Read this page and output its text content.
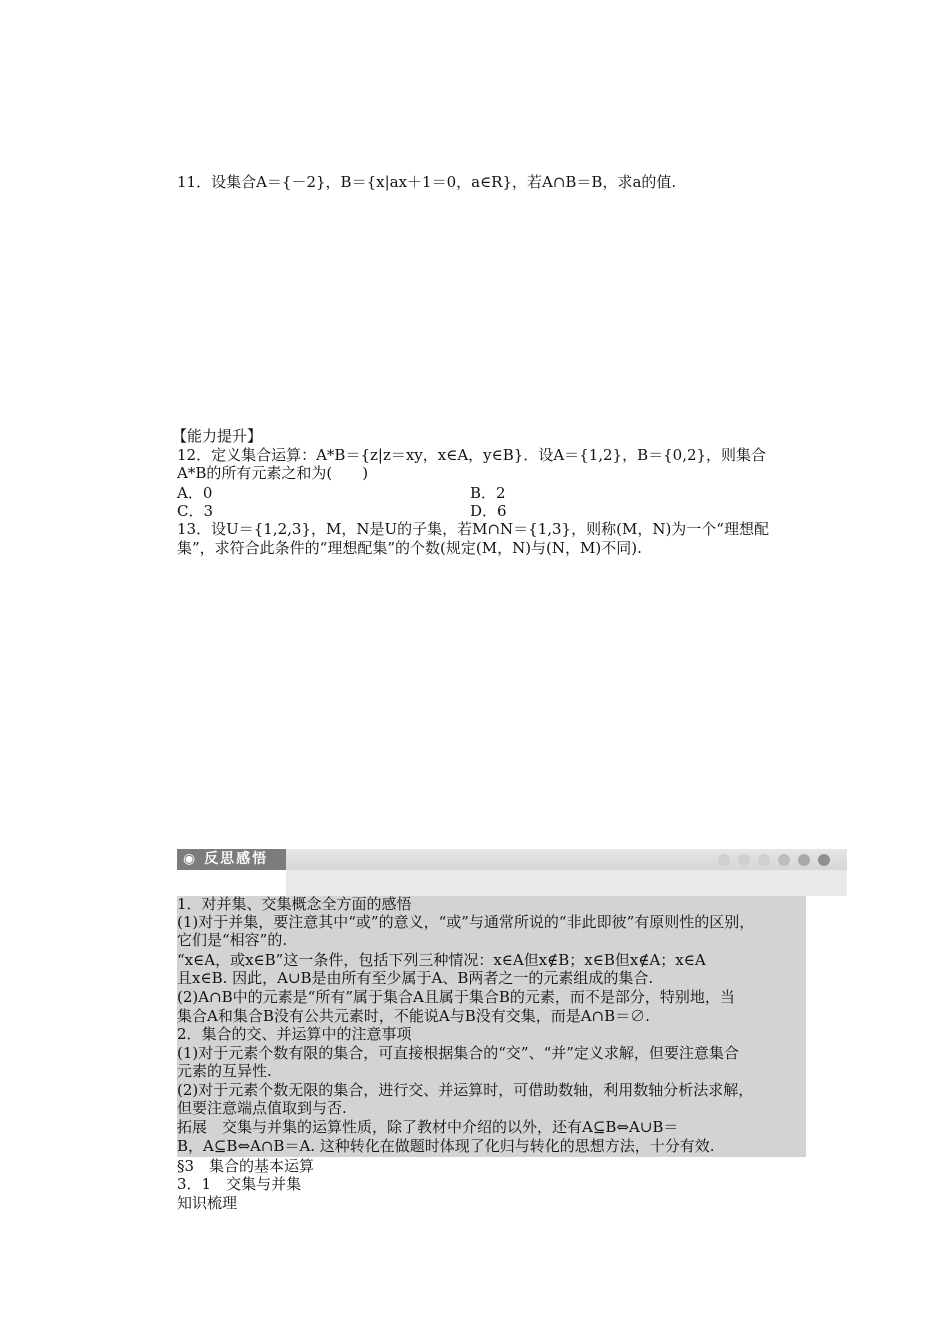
11．设集合A＝{－2}，B＝{x|ax＋1＝0，a∈R}，若A∩B＝B，求a的值.
【能力提升】
12．定义集合运算：A*B＝{z|z＝xy，x∈A，y∈B}．设A＝{1,2}，B＝{0,2}，则集合
A*B的所有元素之和为(　　)
A．0	B．2
C．3	D．6
13．设U＝{1,2,3}，M，N是U的子集，若M∩N＝{1,3}，则称(M，N)为一个“理想配
集”，求符合此条件的“理想配集”的个数(规定(M，N)与(N，M)不同).
◉ 反思感悟
1．对并集、交集概念全方面的感悟
(1)对于并集，要注意其中“或”的意义，“或”与通常所说的“非此即彼”有原则性的区别，
它们是“相容”的.
“x∈A，或x∈B”这一条件，包括下列三种情况：x∈A但x∉B；x∈B但x∉A；x∈A
且x∈B. 因此，A∪B是由所有至少属于A、B两者之一的元素组成的集合.
(2)A∩B中的元素是“所有”属于集合A且属于集合B的元素，而不是部分，特别地，当
集合A和集合B没有公共元素时，不能说A与B没有交集，而是A∩B＝∅.
2．集合的交、并运算中的注意事项
(1)对于元素个数有限的集合，可直接根据集合的“交”、“并”定义求解，但要注意集合
元素的互异性.
(2)对于元素个数无限的集合，进行交、并运算时，可借助数轴，利用数轴分析法求解，
但要注意端点值取到与否.
拓展　交集与并集的运算性质，除了教材中介绍的以外，还有A⊆B⇔A∪B＝
B，A⊆B⇔A∩B＝A. 这种转化在做题时体现了化归与转化的思想方法，十分有效.
§3　集合的基本运算
3．1　交集与并集
知识梳理
